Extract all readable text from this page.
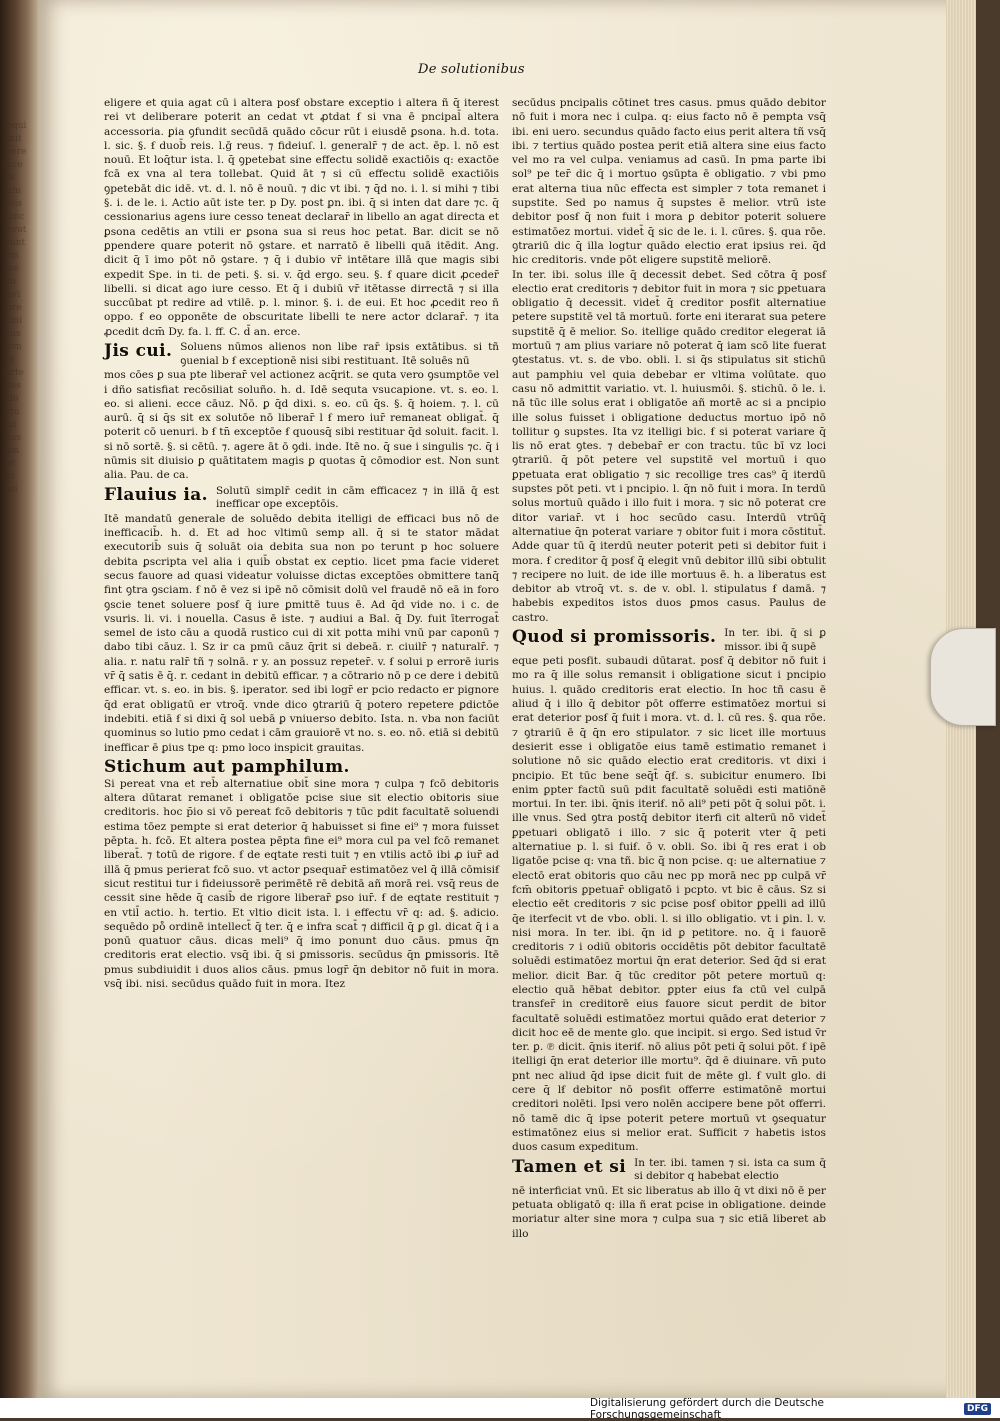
sequi
vixit
erere
here
vis
rum
visis
hunc
nerat
icunt
dim
que
am
peri
sore
nimi
laus
nem
rip
forte
mus
odo
latu
qui
ibus
min
est
rat
visi
De solutionibus

eligere et quia agat cū i altera posẜ obstare exceptio i altera ñ q̄ iterest rei vt deliberare poterit an cedat vt ꝓtdat ẜ si vna ē pncipal̄ altera accessoria. ꝑia ꝯfundit secūdā quādo cōcur rūt i eiusdē ꝑsona. h.d. tota. l. sic. §. ẜ duob̄ reis. l.ḡ reus. ⁊ fideiuſ. l. generalr̄ ⁊ de act. ēp. l. nō est nouū. Et loq̄tur ista. l. q̄ ꝯpetebat sine effectu solidē exactiōis q: exactōe fcā ex vna al tera tollebat. Quid āt ⁊ si cū effectu solidē exactiōis ꝯpetebāt dic idē. vt. d. l. nō ē nouū. ⁊ dic vt ibi. ⁊ q̄d no. i. l. si mihi ⁊ tibi §. i. de le. i. Actio aūt iste ter. p Dy. post ꝑn. ibi. q̄ si inten dat dare ⁊c. q̄ cessionarius agens iure cesso teneat declarar̄ in libello an agat directa et ꝑsona cedētis an vtili er ꝑsona sua si reus hoc petat. Bar. dicit se nō ꝑpendere quare poterit nō ꝯstare. et narratō ē libelli quā itēdit. Ang. dicit q̄ ī imo pōt nō ꝯstare. ⁊ q̄ i dubio vr̄ intētare illā que magis sibi expedit Spe. in ti. de peti. §. si. v. q̄d ergo. seu. §. ẜ quare dicit ꝓceder̄ libelli. si dicat ago iure cesso. Et q̄ i dubiū vr̄ itētasse dirrectā ⁊ si illa succūbat pt redire ad vtilē. p. l. minor. §. i. de eui. Et hoc ꝓcedit reo ñ oppo. ẜ eo opponēte de obscuritate libelli te nere actor dclarar̄. ⁊ ita ꝓcedit dcm̄ Dy. fa. l. ff. C. d̄ an. erce.

Jis cui. Soluens nūmos alienos non libe rar̄ ipsis extātibus. si tñ ꝯuenial b ẜ exceptionē nisi sibi restituant. Itē soluēs nū

mos cōes ꝑ sua pte liberar̄ vel actionez acq̄rit. se quta vero ꝯsumptōe vel i dño satisfiat recōsiliat soluño. h. d. Idē sequta vsucapione. vt. s. eo. l. eo. si alieni. ecce cāuz. Nō. ꝑ q̄d dixi. s. eo. cū q̄s. §. q̄ hoiem. ⁊. l. cū aurū. q̄ si q̄s sit ex solutōe nō liberar̄ l ẜ mero iur̄ remaneat obligat̄. q̄ poterit cō uenuri. b ẜ tn̄ exceptōe ẜ quousq̄ sibi restituar q̄d soluit. facit. l. si nō sortē. §. si cētū. ⁊. agere āt ō ꝯdi. inde. Itē no. q̄ sue i singulis ⁊c. q̄ i nūmis sit diuisio ꝑ quātitatem magis ꝑ quotas q̄ cōmodior est. Non sunt alia. Pau. de ca.

Flauius ia. Solutū simplr̄ cedit in cām efficacez ⁊ in illā q̄ est inefficar ope exceptōis.

Itē mandatū generale de soluēdo debita itelligi de efficaci bus nō de inefficacib̄. h. d. Et ad hoc vltimū semp all. q̄ si te stator mādat executorib̄ suis q̄ soluāt oia debita sua non po terunt p hoc soluere debita ꝑscripta vel alia i quib̄ obstat ex ceptio. licet pma facie videret secus fauore ad quasi videatur voluisse dictas exceptōes obmittere tanq̄ fint ꝯtra ꝯsciam. ẜ nō ē vez si ipē nō cōmisit dolū vel fraudē nō eā in foro ꝯscie tenet soluere posẜ q̄ iure ꝑmittē tuus ē. Ad q̄d vide no. i c. de vsuris. li. vi. i nouella. Casus ē iste. ⁊ audiui a Bal. q̄ Dy. fuit īterrogat̄ semel de isto cāu a quodā rustico cui di xit potta mihi vnū par caponū ⁊ dabo tibi cāuz. l. Sz ir ca pmū cāuz q̄rit si debeā. r. ciuilr̄ ⁊ naturalr̄. ⁊ alia. r. natu ralr̄ tñ ⁊ solnā. r y. an possuz repeter̄. v. ẜ solui p errorē iuris vr̄ q̄ satis ē q̄. r. cedant in debitū efficar. ⁊ a cōtrario nō p ce dere i debitū efficar. vt. s. eo. in bis. §. iperator. sed ibi logr̄ er pcio redacto er pignore q̄d erat obligatū er vtroq̄. vnde dico ꝯtrariū q̄ potero repetere ꝑdictōe indebiti. etiā ẜ si dixi q̄ sol uebā ꝑ vniuerso debito. Ista. n. vba non faciūt quominus so lutio pmo cedat i cām grauiorē vt no. s. eo. nō. etiā si debitū inefficar ē ꝑius tpe q: pmo loco inspicit grauitas.

Stichum aut pamphilum.

Si pereat vna et reb̄ alternatiue obit̄ sine mora ⁊ culpa ⁊ fcō debitoris altera dūtarat remanet i obligatōe pcise siue sit electio obitoris siue creditoris. hoc p̄io si vō pereat fcō debitoris ⁊ tūc pdit facultatē soluendi estima tōez pempte si erat deterior q̄ habuisset si fine ei⁹ ⁊ mora fuisset pēpta. h. fcō. Et altera postea pēpta fine ei⁹ mora cul pa vel fcō remanet liberat̄. ⁊ totū de rigore. ẜ de eqtate resti tuit ⁊ en vtilis actō ibi ꝓ iur̄ ad illā q̄ pmus perierat fcō suo. vt actor ꝑsequar̄ estimatōez vel q̄ illā cōmisiẜ sicut restitui tur i fideiussorē perimētē rē debitā añ morā rei. vsq̄ reus de cessit sine hēde q̄ casib̄ de rigore liberar̄ ꝑso iur̄. ẜ de eqtate restituit ⁊ en vtil̄ actio. h. tertio. Et vltio dicit ista. l. i effectu vr̄ q: ad. §. adicio. sequēdo po̊ ordinē intellect̄ q̄ ter. q̄ e infra scat̄ ⁊ difficil q̄ ꝑ gl. dicat q̄ i a ponū quatuor cāus. dicas meli⁹ q̄ imo ponunt duo cāus. pmus q̄n creditoris erat electio. vsq̄ ibi. q̄ si ꝑmissoris. secūdus q̄n ꝑmissoris. Itē pmus subdiuidit i duos alios cāus. pmus logr̄ q̄n debitor nō fuit in mora. vsq̄ ibi. nisi. secūdus quādo fuit in mora. Itez

secūdus pncipalis cōtinet tres casus. pmus quādo debitor nō fuit i mora nec i culpa. q: eius facto nō ē pempta vsq̄ ibi. eni uero. secundus quādo facto eius perit altera tñ vsq̄ ibi. ⁊ tertius quādo postea perit etiā altera sine eius facto vel mo ra vel culpa. veniamus ad casū. In pma parte ibi sol⁹ pe ter̄ dic q̄ i mortuo ꝯsūpta ē obligatio. ⁊ vbi pmo erat alterna tiua nūc effecta est simpler ⁊ tota remanet i supstite. Sed po namus q̄ supstes ē melior. vtrū iste debitor posẜ q̄ non fuit i mora ꝑ debitor poterit soluere estimatōez mortui. videt̄ q̄ sic de le. i. l. cūres. §. qua rōe. ꝯtrariū dic q̄ illa logtur quādo electio erat ipsius rei. q̄d hic creditoris. vnde pōt eligere supstitē meliorē.

In ter. ibi. solus ille q̄ decessit debet. Sed cōtra q̄ posẜ electio erat creditoris ⁊ debitor fuit in mora ⁊ sic ꝑpetuara obligatio q̄ decessit. videt̄ q̄ creditor posẜit alternatiue petere supstitē vel tā mortuū. forte eni iterarat sua petere supstitē q̄ ē melior. So. itellige quādo creditor elegerat iā mortuū ⁊ am plius variare nō poterat q̄ iam scō lite fuerat ꝯtestatus. vt. s. de vbo. obli. l. si q̄s stipulatus sit stichū aut pamphiu vel quia debebar er vltima volūtate. quo casu nō admittit variatio. vt. l. huiusmōi. §. stichū. ō le. i. nā tūc ille solus erat i obligatōe añ mortē ac si a pncipio ille solus fuisset i obligatione deductus mortuo ipō nō tollitur ꝯ supstes. Ita vz itelligi bic. ẜ si poterat variare q̄ lis nō erat ꝯtes. ⁊ debebar̄ er con tractu. tūc bī vz loci ꝯtrariū. q̄ pōt petere vel supstitē vel mortuū i quo ꝑpetuata erat obligatio ⁊ sic recollige tres cas⁹ q̄ iterdū supstes pōt peti. vt i pncipio. l. q̄n nō fuit i mora. In terdū solus mortuū quādo i illo fuit i mora. ⁊ sic nō poterat cre ditor variar̄. vt i hoc secūdo casu. Interdū vtrūq̄ alternatiue q̄n poterat variare ⁊ obitor fuit i mora cōstitut̄. Adde quar tū q̄ iterdū neuter poterit peti si debitor fuit i mora. ẜ creditor q̄ posẜ q̄ elegit vnū debitor illū sibi obtulit ⁊ recipere no luit. de ide ille mortuus ē. h. a liberatus est debitor ab vtroq̄ vt. s. de v. obl. l. stipulatus ẜ damā. ⁊ habebis expeditos istos duos ꝑmos casus. Paulus de castro.

Quod si promissoris. In ter. ibi. q̄ si ꝑ missor. ibi q̄ supē

eque peti posẜit. subaudi dūtarat. posẜ q̄ debitor nō fuit i mo ra q̄ ille solus remansit i obligatione sicut i pncipio huius. l. quādo creditoris erat electio. In hoc tñ casu ē aliud q̄ i illo q̄ debitor pōt offerre estimatōez mortui si erat deterior posẜ q̄ fuit i mora. vt. d. l. cū res. §. qua rōe. ⁊ ꝯtrariū ē q̄ q̄n ero stipulator. ⁊ sic licet ille mortuus desierit esse i obligatōe eius tamē estimatio remanet i solutione nō sic quādo electio erat creditoris. vt dixi i pncipio. Et tūc bene seq̄t̄ q̄ẜ. s. subicitur enumero. Ibi enim ꝑpter factū suū pdit facultatē soluēdi esti matiōnē mortui. In ter. ibi. q̄nis iteriẜ. nō ali⁹ peti pōt q̄ solui pōt. i. ille vnus. Sed ꝯtra postq̄ debitor iterfi cit alterū nō videt̄ ꝑpetuari obligatō i illo. ⁊ sic q̄ poterit vter q̄ peti alternatiue p. l. si fuiẜ. ō v. obli. So. ibi q̄ res erat i ob ligatōe pcise q: vna tñ. bic q̄ non pcise. q: ue alternatiue ⁊ electō erat obitoris quo cāu nec pp morā nec pp culpā vr̄ fcm̄ obitoris ꝑpetuar̄ obligatō i pcpto. vt bic ē cāus. Sz si electio eēt creditoris ⁊ sic pcise posẜ obitor ꝑpelli ad illū q̄e iterfecit vt de vbo. obli. l. si illo obligatio. vt i ꝑin. l. v. nisi mora. In ter. ibi. q̄n id ꝑ petitore. no. q̄ i fauorē creditoris ⁊ i odiū obitoris occidētis pōt debitor facultatē soluēdi estimatōez mortui q̄n erat deterior. Sed q̄d si erat melior. dicit Bar. q̄ tūc creditor pōt petere mortuū q: electio quā hēbat debitor. ꝑpter eius fa ctū vel culpā transfer̄ in creditorē eius fauore sicut perdit de bitor facultatē soluēdi estimatōez mortui quādo erat deterior ⁊ dicit hoc eē de mente glo. que incipit. si ergo. Sed istud v̄r ter. ꝑ. ℗ dicit. q̄nis iteriẜ. nō alius pōt peti q̄ solui pōt. ẜ ipē itelligi q̄n erat deterior ille mortu⁹. q̄d ē diuinare. vn̄ puto pnt nec aliud q̄d ipse dicit fuit de mēte gl. ẜ vult glo. di cere q̄ lẜ debitor nō posẜit offerre estimatōnē mortui creditori nolēti. Ipsi vero nolēn accipere bene pōt offerri. nō tamē dic q̄ ipse poterit petere mortuū vt ꝯsequatur estimatōnez eius si melior erat. Sufficit ⁊ habetis istos duos casum expeditum.

Tamen et si In ter. ibi. tamen ⁊ si. ista ca sum q̄ si debitor q habebat electio

nē interficiat vnū. Et sic liberatus ab illo q̄ vt dixi nō ē per petuata obligatō q: illa ñ erat pcise in obligatione. deinde moriatur alter sine mora ⁊ culpa sua ⁊ sic etiā liberet ab illo

Digitalisierung gefördert durch die Deutsche Forschungsgemeinschaft	DFG
